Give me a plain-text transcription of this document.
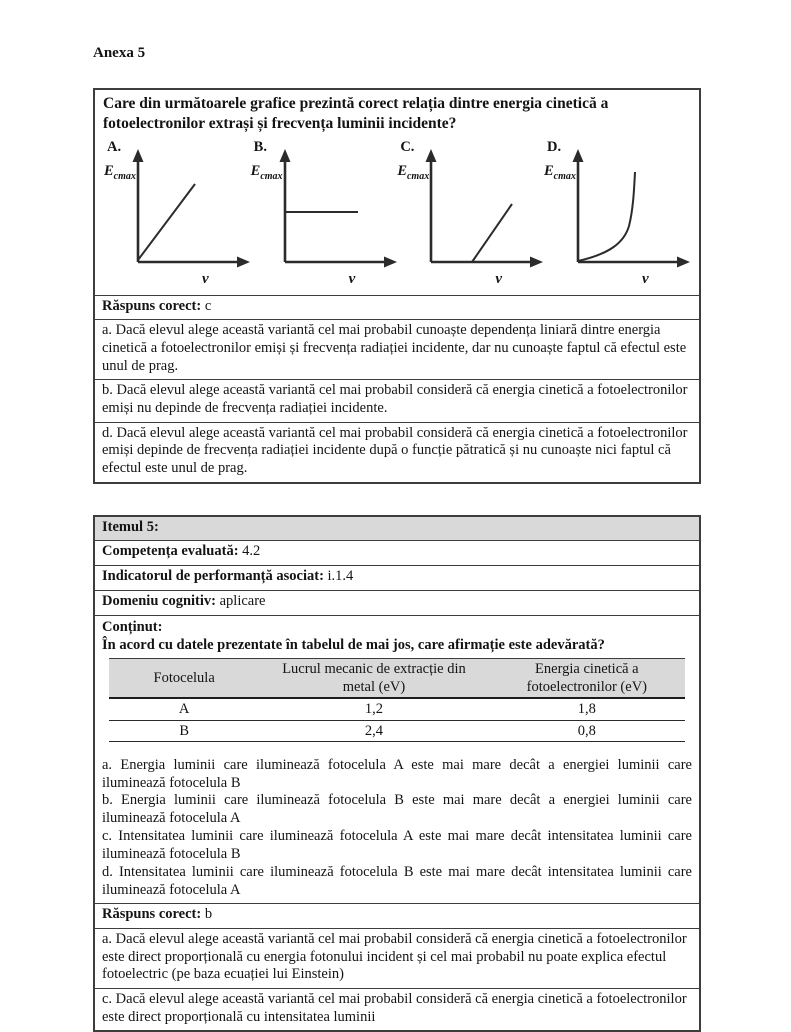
Anexa 5

Care din următoarele grafice prezintă corect relația dintre energia cinetică a fotoelectronilor extrași și frecvența luminii incidente?

A.
$E_{cmax}$
ν
B.
$E_{cmax}$
ν
C.
$E_{cmax}$
ν
D.
$E_{cmax}$
ν
Răspuns corect: c
a. Dacă elevul alege această variantă cel mai probabil cunoaște dependența liniară dintre energia cinetică a fotoelectronilor emiși și frecvența radiației incidente, dar nu cunoaște faptul că efectul este unul de prag.
b. Dacă elevul alege această variantă cel mai probabil consideră că energia cinetică a fotoelectronilor emiși nu depinde de frecvența radiației incidente.
d. Dacă elevul alege această variantă cel mai probabil consideră că energia cinetică a fotoelectronilor emiși depinde de frecvența radiației incidente după o funcție pătratică și nu cunoaște nici faptul că efectul este unul de prag.
Itemul 5:
Competența evaluată: 4.2
Indicatorul de performanță asociat: i.1.4
Domeniu cognitiv: aplicare

Conținut:

În acord cu datele prezentate în tabelul de mai jos, care afirmație este adevărată?

Fotocelula	Lucrul mecanic de extracție din metal (eV)	Energia cinetică a fotoelectronilor (eV)
A	1,2	1,8
B	2,4	0,8

a. Energia luminii care iluminează fotocelula A este mai mare decât a energiei luminii care iluminează fotocelula B

b. Energia luminii care iluminează fotocelula B este mai mare decât a energiei luminii care iluminează fotocelula A

c. Intensitatea luminii care iluminează fotocelula A este mai mare decât intensitatea luminii care iluminează fotocelula B

d. Intensitatea luminii care iluminează fotocelula B este mai mare decât intensitatea luminii care iluminează fotocelula A

Răspuns corect: b
a. Dacă elevul alege această variantă cel mai probabil consideră că energia cinetică a fotoelectronilor este direct proporțională cu energia fotonului incident și cel mai probabil nu poate explica efectul fotoelectric (pe baza ecuației lui Einstein)
c. Dacă elevul alege această variantă cel mai probabil consideră că energia cinetică a fotoelectronilor este direct proporțională cu intensitatea luminii
